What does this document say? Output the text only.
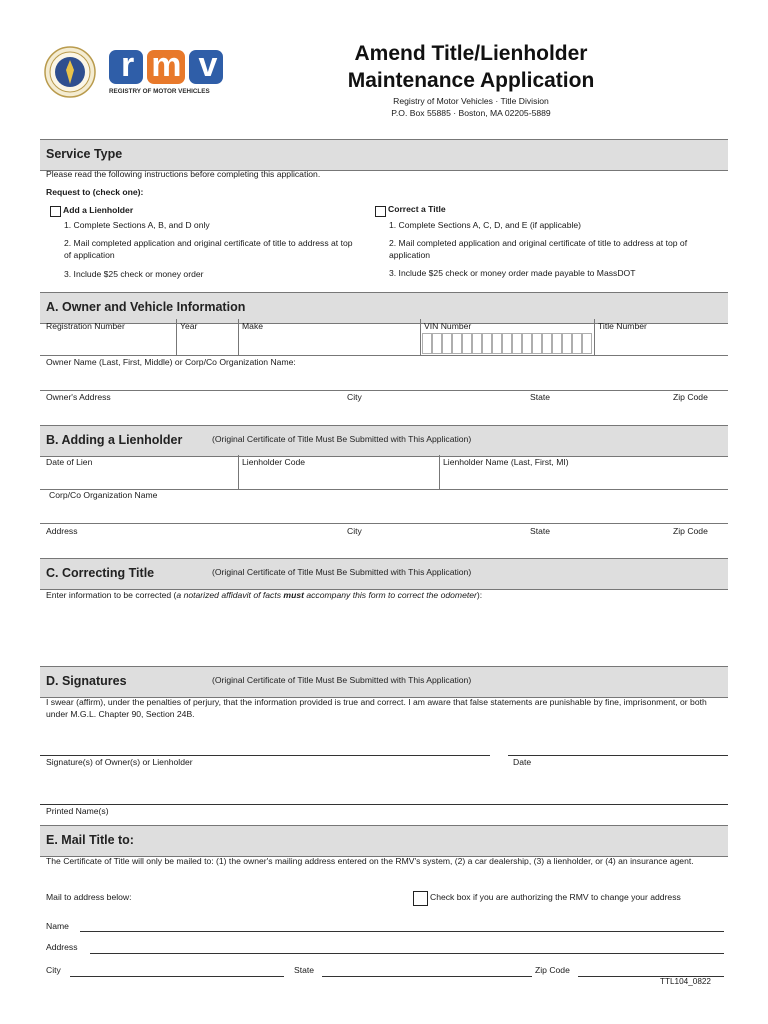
rmv
REGISTRY OF MOTOR VEHICLES
Amend Title/Lienholder
Maintenance Application
Registry of Motor Vehicles · Title Division
P.O. Box 55885 · Boston, MA 02205-5889
Service Type
Please read the following instructions before completing this application.
Request to (check one):
Add a Lienholder
1. Complete Sections A, B, and D only
2. Mail completed application and original certificate of title to address at top of application
3. Include $25 check or money order
Correct a Title
1. Complete Sections A, C, D, and E (if applicable)
2. Mail completed application and original certificate of title to address at top of application
3. Include $25 check or money order made payable to MassDOT
A. Owner and Vehicle Information
Registration Number	Year	Make	VIN Number	Title Number
Owner Name (Last, First, Middle) or Corp/Co Organization Name:
Owner's Address	City	State	Zip Code
B. Adding a Lienholder	(Original Certificate of Title Must Be Submitted with This Application)
Date of Lien	Lienholder Code	Lienholder Name (Last, First, MI)
Corp/Co Organization Name
Address	City	State	Zip Code
C. Correcting Title	(Original Certificate of Title Must Be Submitted with This Application)
Enter information to be corrected (a notarized affidavit of facts must accompany this form to correct the odometer):
D. Signatures	(Original Certificate of Title Must Be Submitted with This Application)
I swear (affirm), under the penalties of perjury, that the information provided is true and correct. I am aware that false statements are punishable by fine, imprisonment, or both under M.G.L. Chapter 90, Section 24B.
Signature(s) of Owner(s) or Lienholder	Date
Printed Name(s)
E. Mail Title to:
The Certificate of Title will only be mailed to: (1) the owner's mailing address entered on the RMV's system, (2) a car dealership, (3) a lienholder, or (4) an insurance agent.
Mail to address below:	Check box if you are authorizing the RMV to change your address
Name
Address
City	State	Zip Code
TTL104_0822
